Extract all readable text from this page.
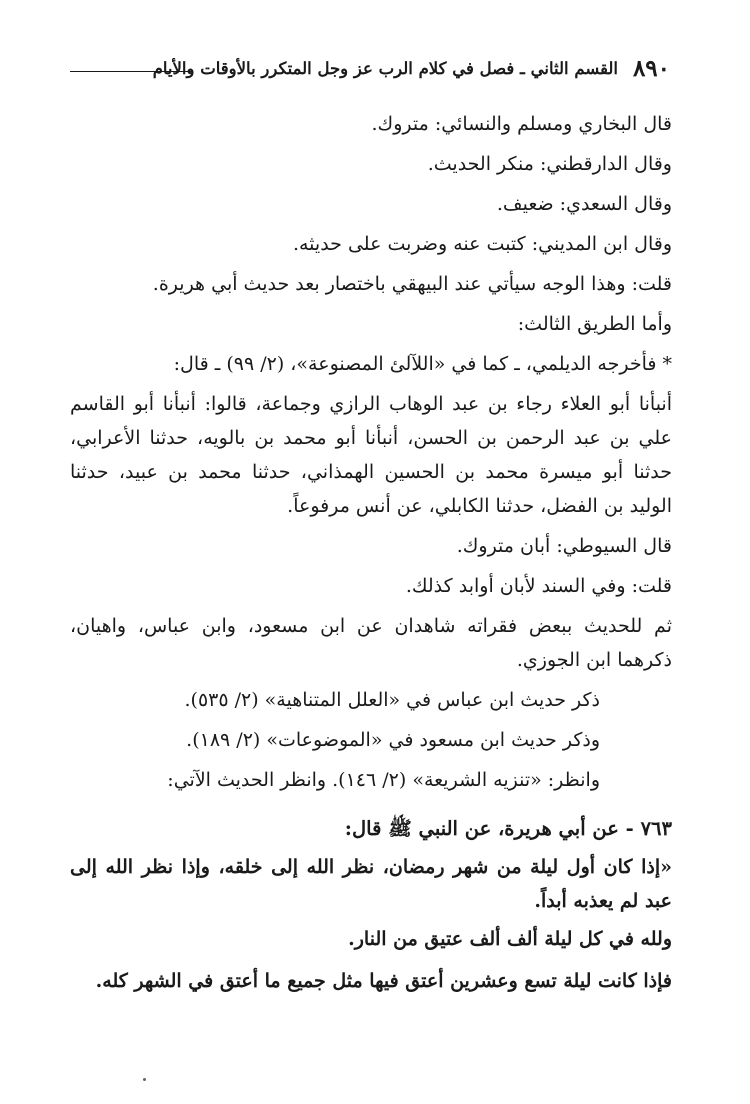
٨٩٠
القسم الثاني ـ فصل في كلام الرب عز وجل المتكرر بالأوقات والأيام
قال البخاري ومسلم والنسائي: متروك.
وقال الدارقطني: منكر الحديث.
وقال السعدي: ضعيف.
وقال ابن المديني: كتبت عنه وضربت على حديثه.
قلت: وهذا الوجه سيأتي عند البيهقي باختصار بعد حديث أبي هريرة.
وأما الطريق الثالث:
* فأخرجه الديلمي، ـ كما في «اللآلئ المصنوعة»، (٢/ ٩٩) ـ قال:
أنبأنا أبو العلاء رجاء بن عبد الوهاب الرازي وجماعة، قالوا: أنبأنا أبو القاسم علي بن عبد الرحمن بن الحسن، أنبأنا أبو محمد بن بالويه، حدثنا الأعرابي، حدثنا أبو ميسرة محمد بن الحسين الهمذاني، حدثنا محمد بن عبيد، حدثنا الوليد بن الفضل، حدثنا الكابلي، عن أنس مرفوعاً.
قال السيوطي: أبان متروك.
قلت: وفي السند لأبان أوابد كذلك.
ثم للحديث ببعض فقراته شاهدان عن ابن مسعود، وابن عباس، واهيان، ذكرهما ابن الجوزي.
ذكر حديث ابن عباس في «العلل المتناهية» (٢/ ٥٣٥).
وذكر حديث ابن مسعود في «الموضوعات» (٢/ ١٨٩).
وانظر: «تنزيه الشريعة» (٢/ ١٤٦). وانظر الحديث الآتي:
٧٦٣ - عن أبي هريرة، عن النبي ﷺ قال:
«إذا كان أول ليلة من شهر رمضان، نظر الله إلى خلقه، وإذا نظر الله إلى عبد لم يعذبه أبداً.
ولله في كل ليلة ألف ألف عتيق من النار.
فإذا كانت ليلة تسع وعشرين أعتق فيها مثل جميع ما أعتق في الشهر كله.
